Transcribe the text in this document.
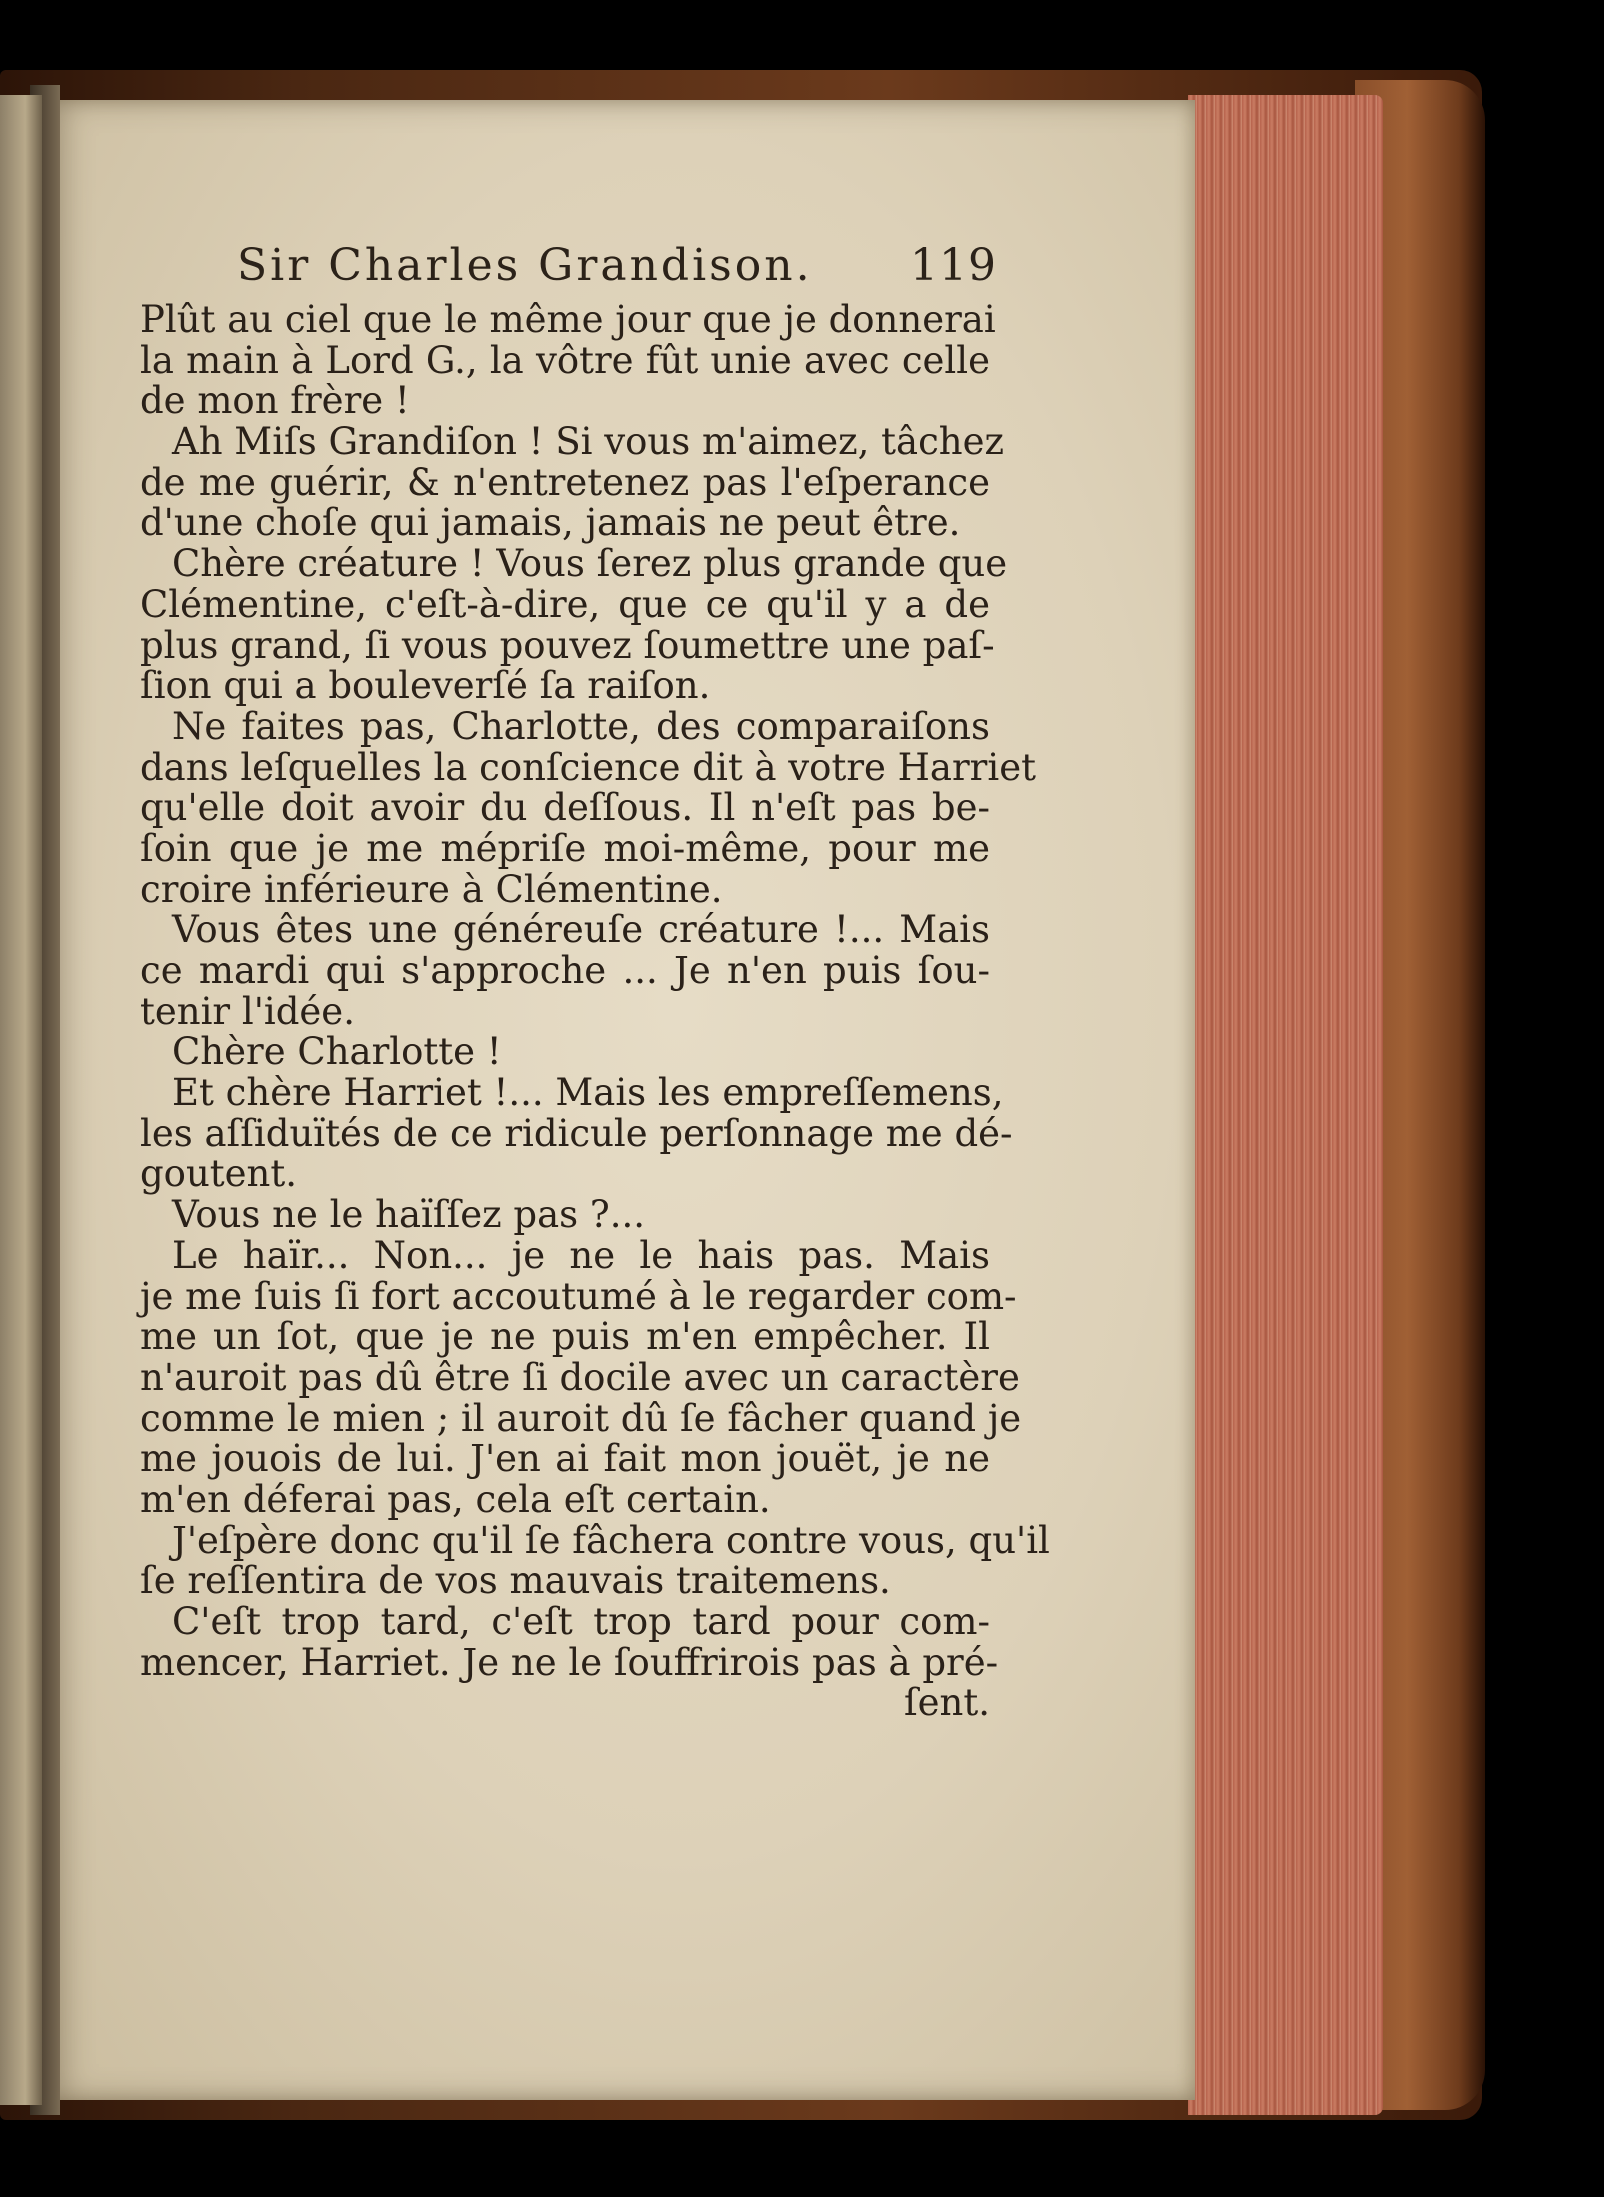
Sir Charles Grandison. 119
Plût au ciel que le même jour que je donnerai
la main à Lord G., la vôtre fût unie avec celle
de mon frère !
Ah Miſs Grandiſon ! Si vous m'aimez, tâchez
de me guérir, & n'entretenez pas l'eſperance
d'une choſe qui jamais, jamais ne peut être.
Chère créature ! Vous ſerez plus grande que
Clémentine, c'eſt-à-dire, que ce qu'il y a de
plus grand, ſi vous pouvez ſoumettre une paſ-
ſion qui a bouleverſé ſa raiſon.
Ne faites pas, Charlotte, des comparaiſons
dans leſquelles la conſcience dit à votre Harriet
qu'elle doit avoir du deſſous. Il n'eſt pas be-
ſoin que je me mépriſe moi-même, pour me
croire inférieure à Clémentine.
Vous êtes une généreuſe créature !... Mais
ce mardi qui s'approche ... Je n'en puis ſou-
tenir l'idée.
Chère Charlotte !
Et chère Harriet !... Mais les empreſſemens,
les aſſiduïtés de ce ridicule perſonnage me dé-
goutent.
Vous ne le haïſſez pas ?...
Le haïr... Non... je ne le hais pas. Mais
je me ſuis ſi fort accoutumé à le regarder com-
me un ſot, que je ne puis m'en empêcher. Il
n'auroit pas dû être ſi docile avec un caractère
comme le mien ; il auroit dû ſe fâcher quand je
me jouois de lui. J'en ai fait mon jouët, je ne
m'en déferai pas, cela eſt certain.
J'eſpère donc qu'il ſe fâchera contre vous, qu'il
ſe reſſentira de vos mauvais traitemens.
C'eſt trop tard, c'eſt trop tard pour com-
mencer, Harriet. Je ne le ſouffrirois pas à pré-
ſent.
